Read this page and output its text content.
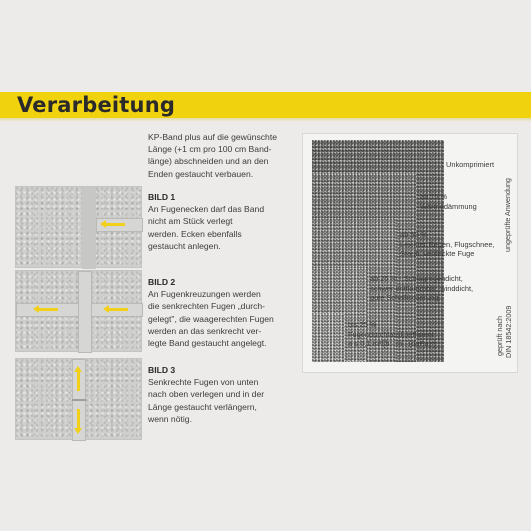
Verarbeitung
KP-Band plus auf die gewünschte
Länge (+1 cm pro 100 cm Band-
länge) abschneiden und an den
Enden gestaucht verbauen.
BILD 1
An Fugenecken darf das Band
nicht am Stück verlegt
werden. Ecken ebenfalls
gestaucht anlegen.
BILD 2
An Fugenkreuzungen werden
die senkrechten Fugen „durch-
gelegt", die waagerechten Fugen
werden an das senkrecht ver-
legte Band gestaucht angelegt.
BILD 3
Senkrechte Fugen von unten
nach oben verlegen und in der
Länge gestaucht verlängern,
wenn nötig.
Unkomprimiert
ab 75 %
Wärmedämmung
ab 50 %
Leichter Regen, Flugschnee,
Staub, verdeckte Fuge
ab 25 % - Schlagregendicht,
schwer entflammbar, winddicht,
gute Schallisolierung
bis 25 %
Fugendurchlasskoeffizient
a ≤ 0,1 m³/[h · m · (daPa)ⁿ]
ungeprüfte Anwendung
geprüft nach DIN 18542:2009
